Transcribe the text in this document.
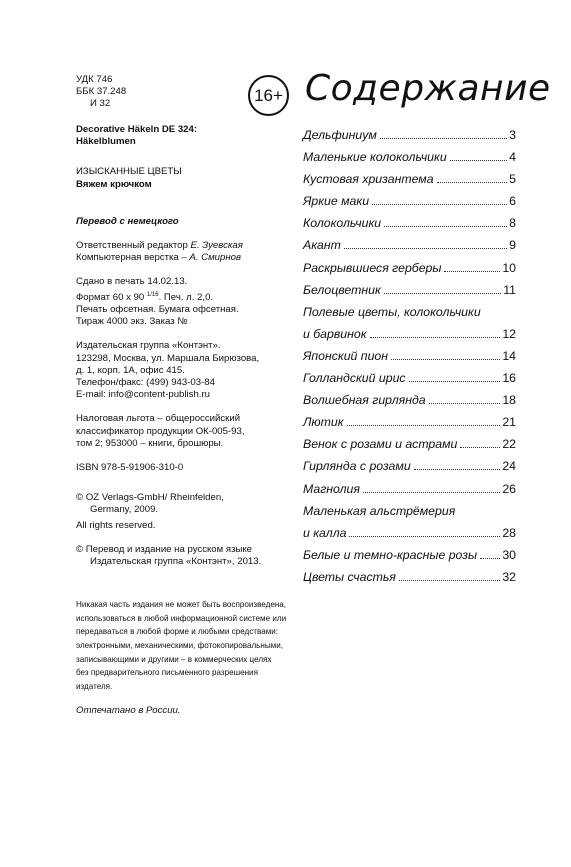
УДК 746
ББК 37.248
И 32
Decorative Häkeln DE 324:
Häkelblumen
ИЗЫСКАННЫЕ ЦВЕТЫ
Вяжем крючком
Перевод с немецкого
Ответственный редактор Е. Зуевская
Компьютерная верстка – А. Смирнов
Сдано в печать 14.02.13.
Формат 60 х 90 $^{1/16}$. Печ. л. 2,0.
Печать офсетная. Бумага офсетная.
Тираж 4000 экз. Заказ №
Издательская группа «Контэнт».
123298, Москва, ул. Маршала Бирюзова,
д. 1, корп. 1А, офис 415.
Телефон/факс: (499) 943-03-84
E-mail: info@content-publish.ru
Налоговая льгота – общероссийский
классификатор продукции ОК-005-93,
том 2; 953000 – книги, брошюры.
ISBN 978-5-91906-310-0
© OZ Verlags-GmbH/ Rheinfelden,
Germany, 2009.
All rights reserved.
© Перевод и издание на русском языке
Издательская группа «Контэнт», 2013.
Никакая часть издания не может быть воспроизведена,
использоваться в любой информационной системе или
передаваться в любой форме и любыми средствами:
электронными, механическими, фотокопировальными,
записывающими и другими – в коммерческих целях
без предварительного письменного разрешения
издателя.
Отпечатано в России.
16+ Содержание
Дельфиниум	3
Маленькие колокольчики	4
Кустовая хризантема	5
Яркие маки	6
Колокольчики	8
Акант	9
Раскрывшиеся герберы	10
Белоцветник	11
Полевые цветы, колокольчики
и барвинок	12
Японский пион	14
Голландский ирис	16
Волшебная гирлянда	18
Лютик	21
Венок с розами и астрами	22
Гирлянда с розами	24
Магнолия	26
Маленькая альстрёмерия
и калла	28
Белые и темно-красные розы 30
Цветы счастья	32
